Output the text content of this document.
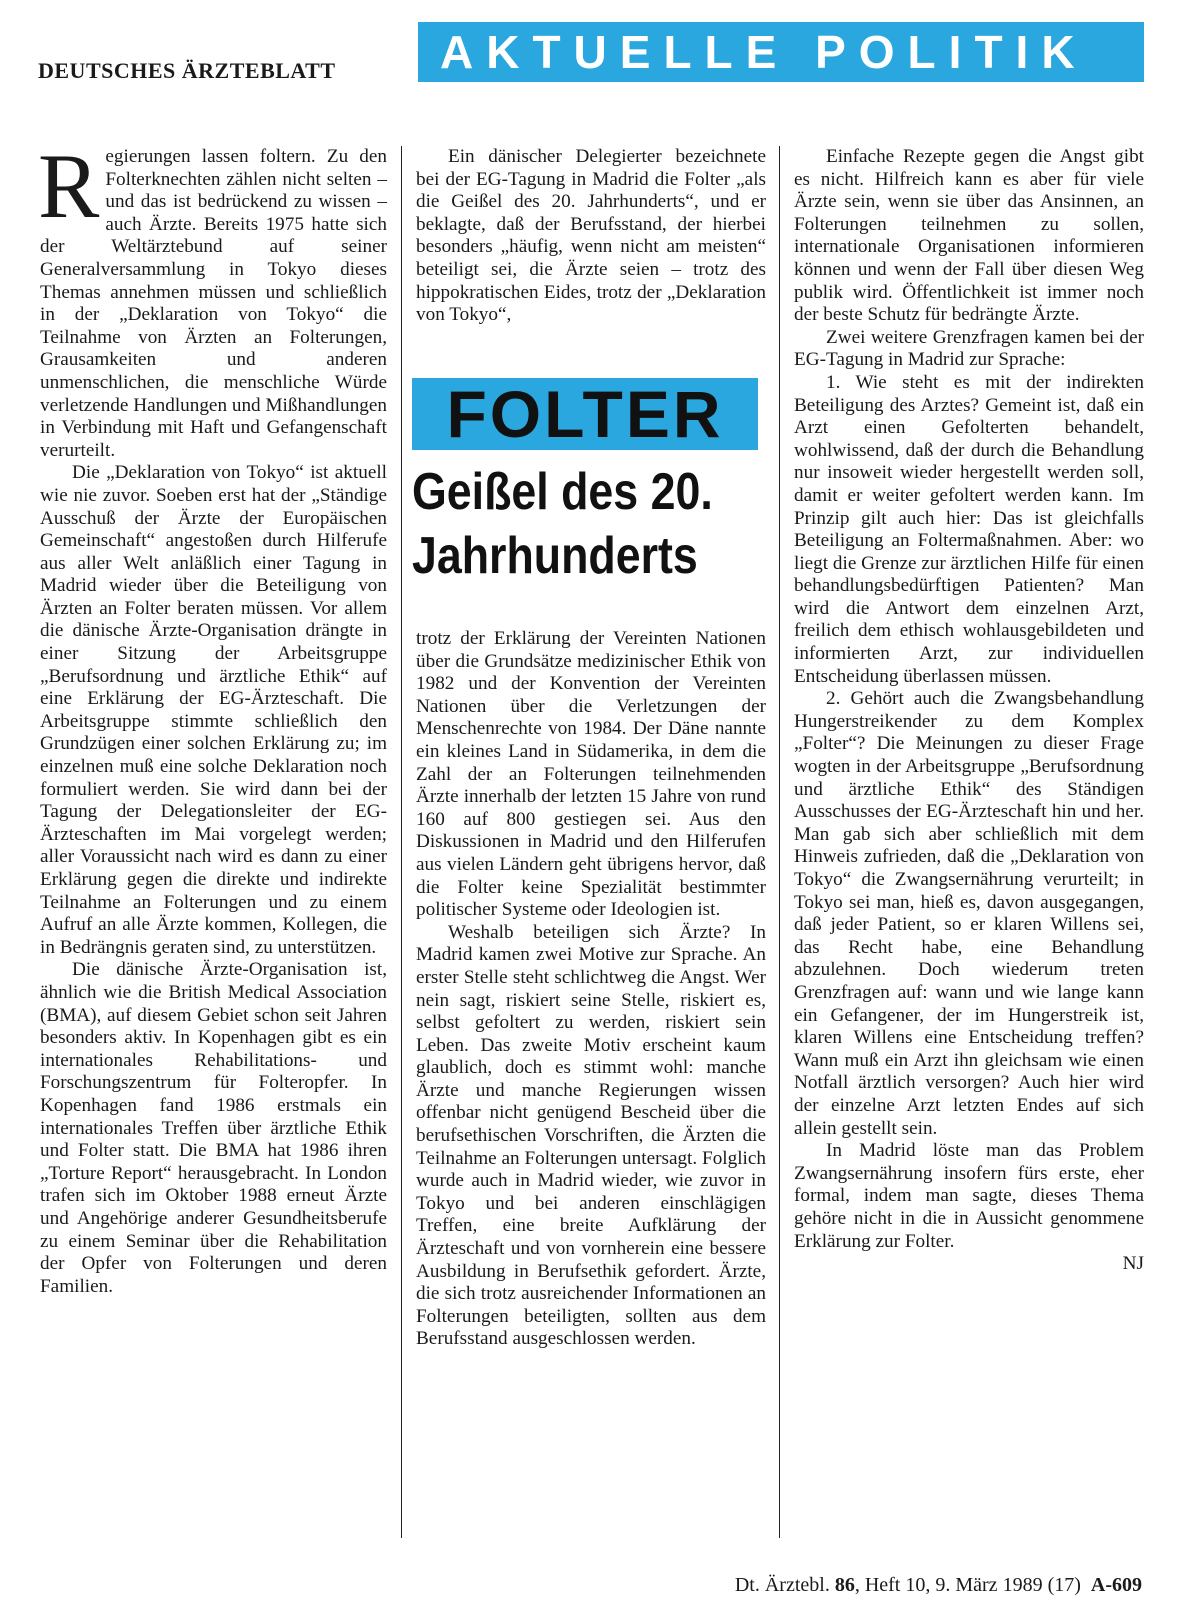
DEUTSCHES ÄRZTEBLATT	AKTUELLE POLITIK

Regierungen lassen foltern. Zu den Folterknechten zählen nicht selten – und das ist bedrückend zu wissen – auch Ärzte. Bereits 1975 hatte sich der Weltärztebund auf seiner Generalversammlung in Tokyo dieses Themas annehmen müssen und schließlich in der „Deklaration von Tokyo“ die Teilnahme von Ärzten an Folterungen, Grausamkeiten und anderen unmenschlichen, die menschliche Würde verletzende Handlungen und Mißhandlungen in Verbindung mit Haft und Gefangenschaft verurteilt.

Die „Deklaration von Tokyo“ ist aktuell wie nie zuvor. Soeben erst hat der „Ständige Ausschuß der Ärzte der Europäischen Gemeinschaft“ angestoßen durch Hilferufe aus aller Welt anläßlich einer Tagung in Madrid wieder über die Beteiligung von Ärzten an Folter beraten müssen. Vor allem die dänische Ärzte-Organisation drängte in einer Sitzung der Arbeitsgruppe „Berufsordnung und ärztliche Ethik“ auf eine Erklärung der EG-Ärzteschaft. Die Arbeitsgruppe stimmte schließlich den Grundzügen einer solchen Erklärung zu; im einzelnen muß eine solche Deklaration noch formuliert werden. Sie wird dann bei der Tagung der Delegationsleiter der EG-Ärzteschaften im Mai vorgelegt werden; aller Voraussicht nach wird es dann zu einer Erklärung gegen die direkte und indirekte Teilnahme an Folterungen und zu einem Aufruf an alle Ärzte kommen, Kollegen, die in Bedrängnis geraten sind, zu unterstützen.

Die dänische Ärzte-Organisation ist, ähnlich wie die British Medical Association (BMA), auf diesem Gebiet schon seit Jahren besonders aktiv. In Kopenhagen gibt es ein internationales Rehabilitations- und Forschungszentrum für Folteropfer. In Kopenhagen fand 1986 erstmals ein internationales Treffen über ärztliche Ethik und Folter statt. Die BMA hat 1986 ihren „Torture Report“ herausgebracht. In London trafen sich im Oktober 1988 erneut Ärzte und Angehörige anderer Gesundheitsberufe zu einem Seminar über die Rehabilitation der Opfer von Folterungen und deren Familien.

Ein dänischer Delegierter bezeichnete bei der EG-Tagung in Madrid die Folter „als die Geißel des 20. Jahrhunderts“, und er beklagte, daß der Berufsstand, der hierbei besonders „häufig, wenn nicht am meisten“ beteiligt sei, die Ärzte seien – trotz des hippokratischen Eides, trotz der „Deklaration von Tokyo“,

FOLTER
Geißel des 20.
Jahrhunderts

trotz der Erklärung der Vereinten Nationen über die Grundsätze medizinischer Ethik von 1982 und der Konvention der Vereinten Nationen über die Verletzungen der Menschenrechte von 1984. Der Däne nannte ein kleines Land in Südamerika, in dem die Zahl der an Folterungen teilnehmenden Ärzte innerhalb der letzten 15 Jahre von rund 160 auf 800 gestiegen sei. Aus den Diskussionen in Madrid und den Hilferufen aus vielen Ländern geht übrigens hervor, daß die Folter keine Spezialität bestimmter politischer Systeme oder Ideologien ist.

Weshalb beteiligen sich Ärzte? In Madrid kamen zwei Motive zur Sprache. An erster Stelle steht schlichtweg die Angst. Wer nein sagt, riskiert seine Stelle, riskiert es, selbst gefoltert zu werden, riskiert sein Leben. Das zweite Motiv erscheint kaum glaublich, doch es stimmt wohl: manche Ärzte und manche Regierungen wissen offenbar nicht genügend Bescheid über die berufsethischen Vorschriften, die Ärzten die Teilnahme an Folterungen untersagt. Folglich wurde auch in Madrid wieder, wie zuvor in Tokyo und bei anderen einschlägigen Treffen, eine breite Aufklärung der Ärzteschaft und von vornherein eine bessere Ausbildung in Berufsethik gefordert. Ärzte, die sich trotz ausreichender Informationen an Folterungen beteiligten, sollten aus dem Berufsstand ausgeschlossen werden.

Einfache Rezepte gegen die Angst gibt es nicht. Hilfreich kann es aber für viele Ärzte sein, wenn sie über das Ansinnen, an Folterungen teilnehmen zu sollen, internationale Organisationen informieren können und wenn der Fall über diesen Weg publik wird. Öffentlichkeit ist immer noch der beste Schutz für bedrängte Ärzte.

Zwei weitere Grenzfragen kamen bei der EG-Tagung in Madrid zur Sprache:

1. Wie steht es mit der indirekten Beteiligung des Arztes? Gemeint ist, daß ein Arzt einen Gefolterten behandelt, wohlwissend, daß der durch die Behandlung nur insoweit wieder hergestellt werden soll, damit er weiter gefoltert werden kann. Im Prinzip gilt auch hier: Das ist gleichfalls Beteiligung an Foltermaßnahmen. Aber: wo liegt die Grenze zur ärztlichen Hilfe für einen behandlungsbedürftigen Patienten? Man wird die Antwort dem einzelnen Arzt, freilich dem ethisch wohlausgebildeten und informierten Arzt, zur individuellen Entscheidung überlassen müssen.

2. Gehört auch die Zwangsbehandlung Hungerstreikender zu dem Komplex „Folter“? Die Meinungen zu dieser Frage wogten in der Arbeitsgruppe „Berufsordnung und ärztliche Ethik“ des Ständigen Ausschusses der EG-Ärzteschaft hin und her. Man gab sich aber schließlich mit dem Hinweis zufrieden, daß die „Deklaration von Tokyo“ die Zwangsernährung verurteilt; in Tokyo sei man, hieß es, davon ausgegangen, daß jeder Patient, so er klaren Willens sei, das Recht habe, eine Behandlung abzulehnen. Doch wiederum treten Grenzfragen auf: wann und wie lange kann ein Gefangener, der im Hungerstreik ist, klaren Willens eine Entscheidung treffen? Wann muß ein Arzt ihn gleichsam wie einen Notfall ärztlich versorgen? Auch hier wird der einzelne Arzt letzten Endes auf sich allein gestellt sein.

In Madrid löste man das Problem Zwangsernährung insofern fürs erste, eher formal, indem man sagte, dieses Thema gehöre nicht in die in Aussicht genommene Erklärung zur Folter.

NJ

Dt. Ärztebl. 86, Heft 10, 9. März 1989 (17) A-609
